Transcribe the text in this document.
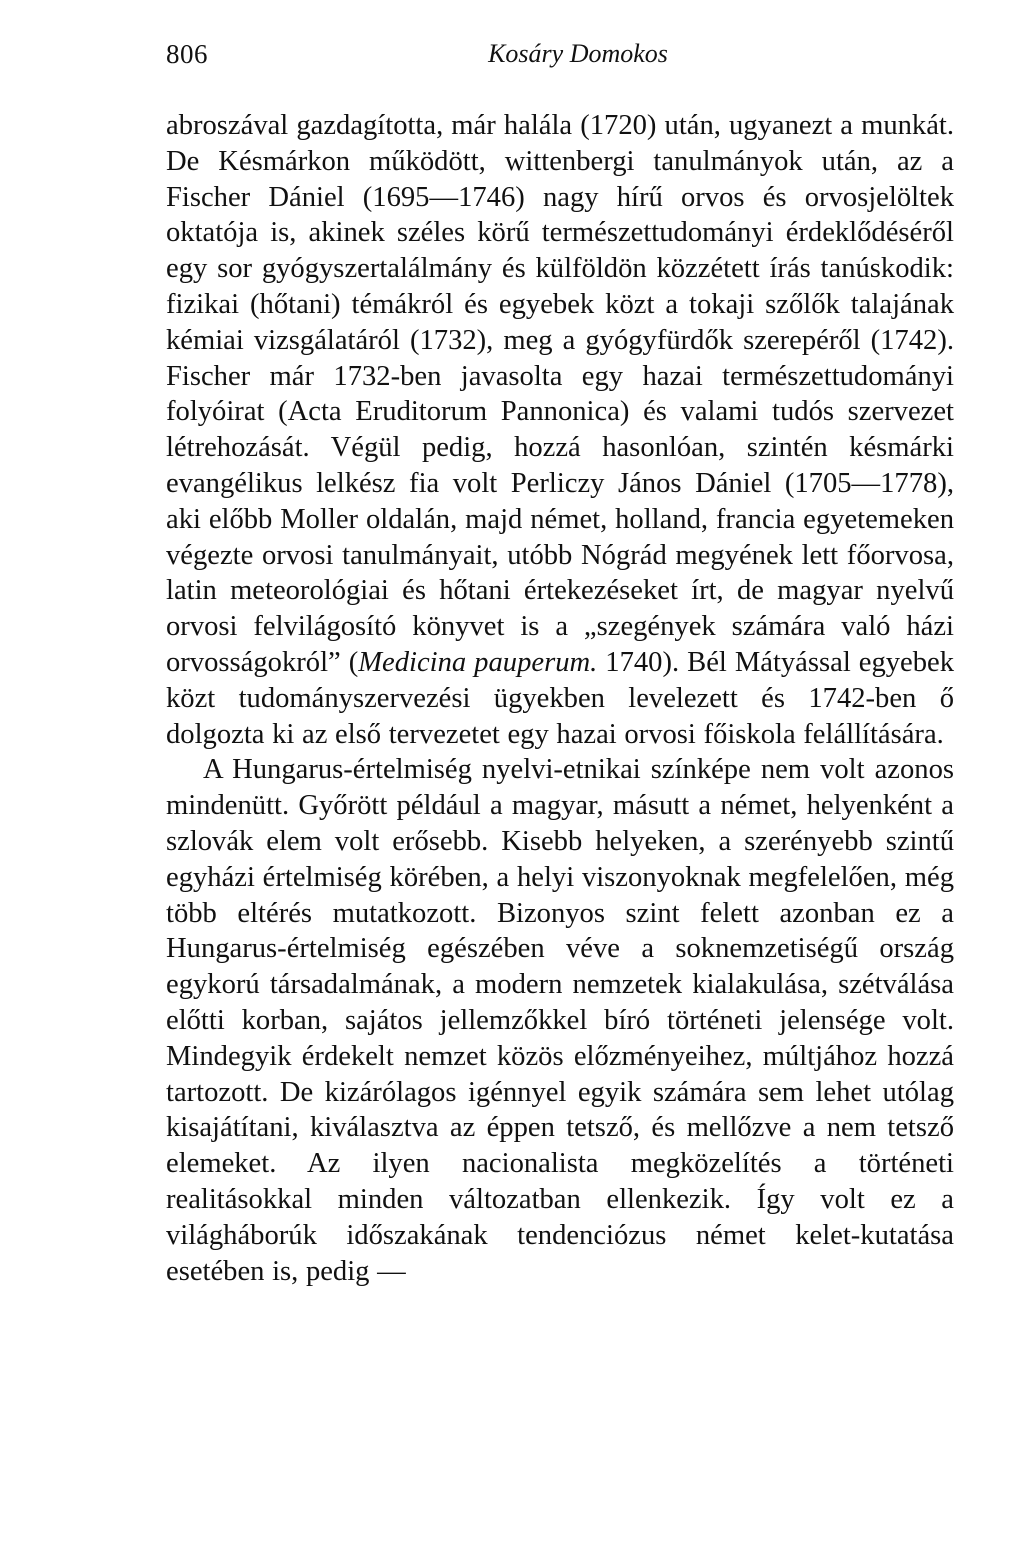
806	Kosáry Domokos

abroszával gazdagította, már halála (1720) után, ugyanezt a munkát. De Késmárkon működött, wittenbergi tanulmányok után, az a Fischer Dániel (1695—1746) nagy hírű orvos és orvosjelöltek oktatója is, akinek széles körű természettudományi érdeklődéséről egy sor gyógyszertalálmány és külföldön közzétett írás tanúskodik: fizikai (hőtani) témákról és egyebek közt a tokaji szőlők talajának kémiai vizsgálatáról (1732), meg a gyógyfürdők szerepéről (1742). Fischer már 1732-ben javasolta egy hazai természettudományi folyóirat (Acta Eruditorum Pannonica) és valami tudós szervezet létrehozását. Végül pedig, hozzá hasonlóan, szintén késmárki evangélikus lelkész fia volt Perliczy János Dániel (1705—1778), aki előbb Moller oldalán, majd német, holland, francia egyetemeken végezte orvosi tanulmányait, utóbb Nógrád megyének lett főorvosa, latin meteorológiai és hőtani értekezéseket írt, de magyar nyelvű orvosi felvilágosító könyvet is a „szegények számára való házi orvosságokról” (Medicina pauperum. 1740). Bél Mátyással egyebek közt tudományszervezési ügyekben levelezett és 1742-ben ő dolgozta ki az első tervezetet egy hazai orvosi főiskola felállítására.

A Hungarus-értelmiség nyelvi-etnikai színképe nem volt azonos mindenütt. Győrött például a magyar, másutt a német, helyenként a szlovák elem volt erősebb. Kisebb helyeken, a szerényebb szintű egyházi értelmiség körében, a helyi viszonyoknak megfelelően, még több eltérés mutatkozott. Bizonyos szint felett azonban ez a Hungarus-értelmiség egészében véve a soknemzetiségű ország egykorú társadalmának, a modern nemzetek kialakulása, szétválása előtti korban, sajátos jellemzőkkel bíró történeti jelensége volt. Mindegyik érdekelt nemzet közös előzményeihez, múltjához hozzá tartozott. De kizárólagos igénnyel egyik számára sem lehet utólag kisajátítani, kiválasztva az éppen tetsző, és mellőzve a nem tetsző elemeket. Az ilyen nacionalista megközelítés a történeti realitásokkal minden változatban ellenkezik. Így volt ez a világháborúk időszakának tendenciózus német kelet-kutatása esetében is, pedig —
